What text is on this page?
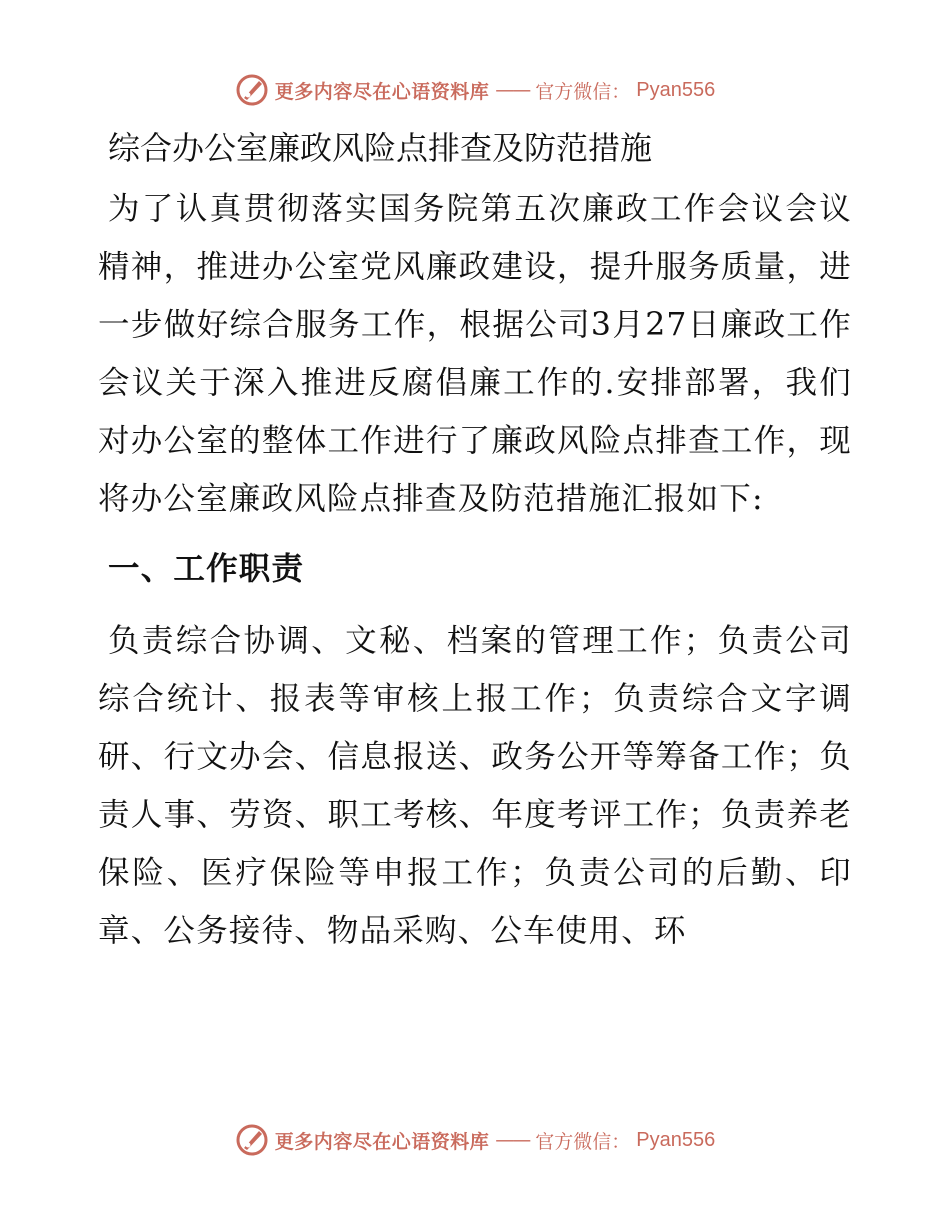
更多内容尽在心语资料库 —— 官方微信： Pyan556
综合办公室廉政风险点排查及防范措施

为了认真贯彻落实国务院第五次廉政工作会议会议精神，推进办公室党风廉政建设，提升服务质量，进一步做好综合服务工作，根据公司3月27日廉政工作会议关于深入推进反腐倡廉工作的.安排部署，我们对办公室的整体工作进行了廉政风险点排查工作，现将办公室廉政风险点排查及防范措施汇报如下:

一、工作职责

负责综合协调、文秘、档案的管理工作；负责公司综合统计、报表等审核上报工作；负责综合文字调研、行文办会、信息报送、政务公开等筹备工作；负责人事、劳资、职工考核、年度考评工作；负责养老保险、医疗保险等申报工作；负责公司的后勤、印章、公务接待、物品采购、公车使用、环

更多内容尽在心语资料库 —— 官方微信： Pyan556
